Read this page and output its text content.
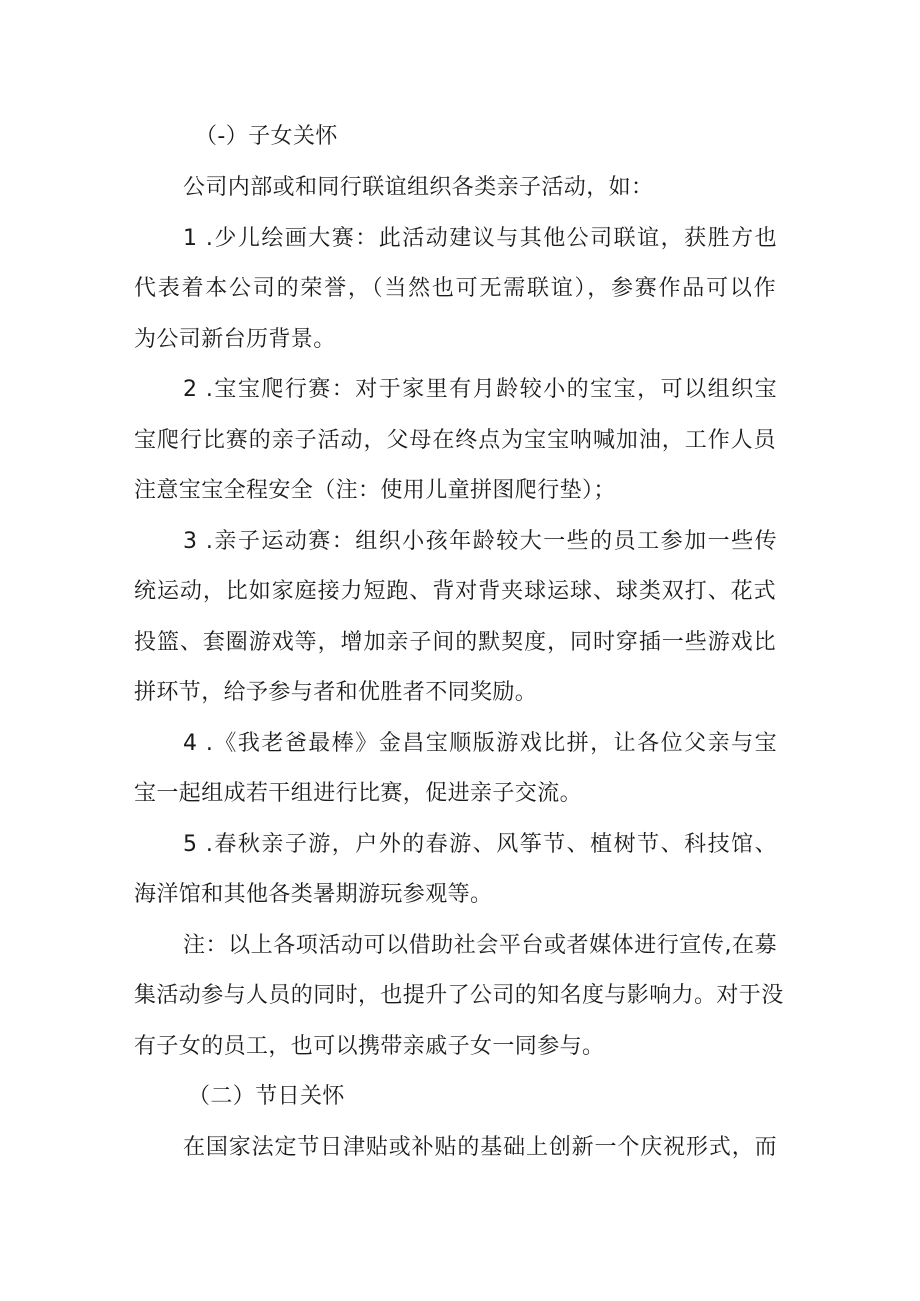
（-）子女关怀
公司内部或和同行联谊组织各类亲子活动，如：
1 .少儿绘画大赛：此活动建议与其他公司联谊，获胜方也
代表着本公司的荣誉，（当然也可无需联谊），参赛作品可以作
为公司新台历背景。
2 .宝宝爬行赛：对于家里有月龄较小的宝宝，可以组织宝
宝爬行比赛的亲子活动，父母在终点为宝宝呐喊加油，工作人员
注意宝宝全程安全（注：使用儿童拼图爬行垫）；
3 .亲子运动赛：组织小孩年龄较大一些的员工参加一些传
统运动，比如家庭接力短跑、背对背夹球运球、球类双打、花式
投篮、套圈游戏等，增加亲子间的默契度，同时穿插一些游戏比
拼环节，给予参与者和优胜者不同奖励。
4 .《我老爸最棒》金昌宝顺版游戏比拼，让各位父亲与宝
宝一起组成若干组进行比赛，促进亲子交流。
5 .春秋亲子游，户外的春游、风筝节、植树节、科技馆、
海洋馆和其他各类暑期游玩参观等。
注：以上各项活动可以借助社会平台或者媒体进行宣传,在募
集活动参与人员的同时，也提升了公司的知名度与影响力。对于没
有子女的员工，也可以携带亲戚子女一同参与。
（二）节日关怀
在国家法定节日津贴或补贴的基础上创新一个庆祝形式，而
